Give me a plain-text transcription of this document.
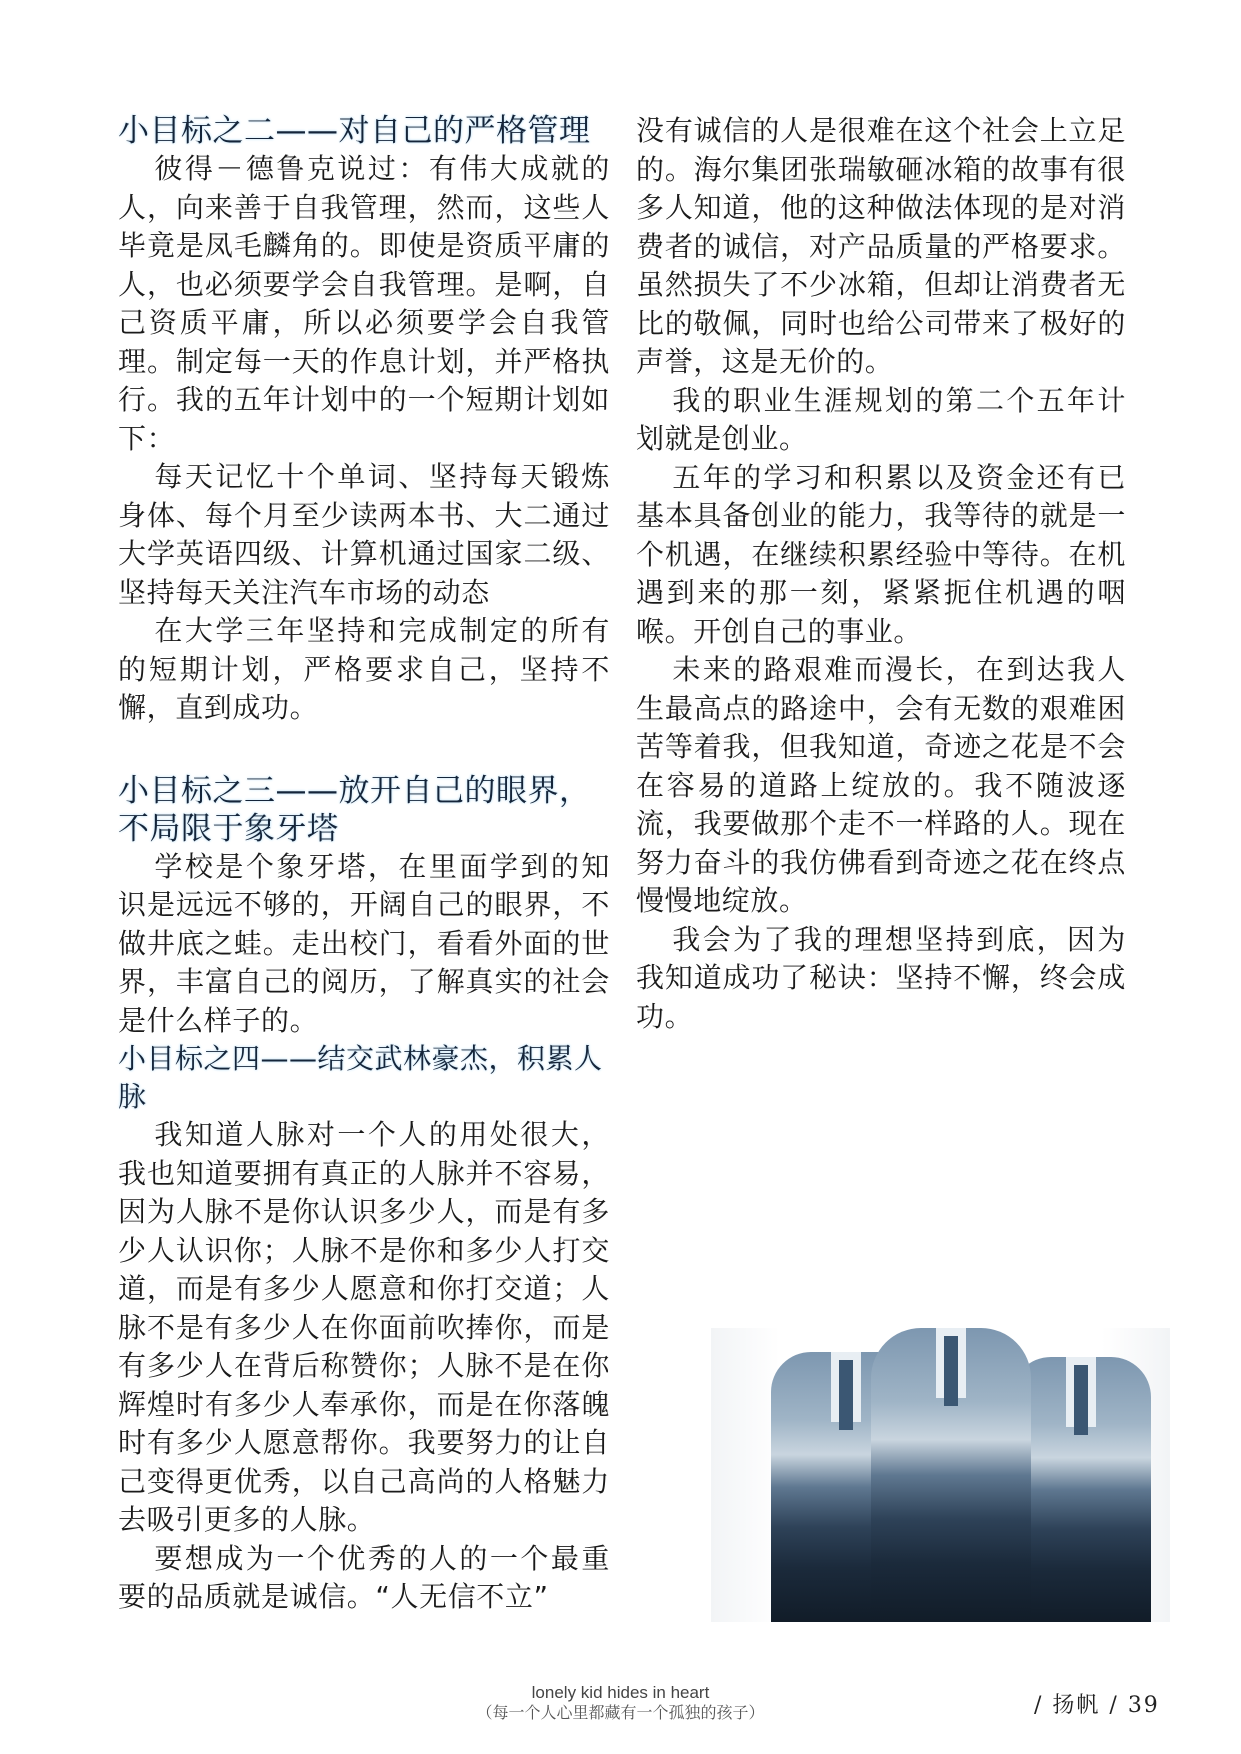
小目标之二——对自己的严格管理

彼得－德鲁克说过：有伟大成就的人，向来善于自我管理，然而，这些人毕竟是凤毛麟角的。即使是资质平庸的人，也必须要学会自我管理。是啊，自己资质平庸，所以必须要学会自我管理。制定每一天的作息计划，并严格执行。我的五年计划中的一个短期计划如下：

每天记忆十个单词、坚持每天锻炼身体、每个月至少读两本书、大二通过大学英语四级、计算机通过国家二级、坚持每天关注汽车市场的动态

在大学三年坚持和完成制定的所有的短期计划，严格要求自己，坚持不懈，直到成功。

小目标之三——放开自己的眼界，不局限于象牙塔

学校是个象牙塔，在里面学到的知识是远远不够的，开阔自己的眼界，不做井底之蛙。走出校门，看看外面的世界，丰富自己的阅历，了解真实的社会是什么样子的。

小目标之四——结交武林豪杰，积累人脉

我知道人脉对一个人的用处很大，我也知道要拥有真正的人脉并不容易，因为人脉不是你认识多少人，而是有多少人认识你；人脉不是你和多少人打交道，而是有多少人愿意和你打交道；人脉不是有多少人在你面前吹捧你，而是有多少人在背后称赞你；人脉不是在你辉煌时有多少人奉承你，而是在你落魄时有多少人愿意帮你。我要努力的让自己变得更优秀，以自己高尚的人格魅力去吸引更多的人脉。

要想成为一个优秀的人的一个最重要的品质就是诚信。“人无信不立”

没有诚信的人是很难在这个社会上立足的。海尔集团张瑞敏砸冰箱的故事有很多人知道，他的这种做法体现的是对消费者的诚信，对产品质量的严格要求。虽然损失了不少冰箱，但却让消费者无比的敬佩，同时也给公司带来了极好的声誉，这是无价的。

我的职业生涯规划的第二个五年计划就是创业。

五年的学习和积累以及资金还有已基本具备创业的能力，我等待的就是一个机遇，在继续积累经验中等待。在机遇到来的那一刻，紧紧扼住机遇的咽喉。开创自己的事业。

未来的路艰难而漫长，在到达我人生最高点的路途中，会有无数的艰难困苦等着我，但我知道，奇迹之花是不会在容易的道路上绽放的。我不随波逐流，我要做那个走不一样路的人。现在努力奋斗的我仿佛看到奇迹之花在终点慢慢地绽放。

我会为了我的理想坚持到底，因为我知道成功了秘诀：坚持不懈，终会成功。

lonely kid hides in heart
（每一个人心里都藏有一个孤独的孩子）	/ 扬帆 / 39
